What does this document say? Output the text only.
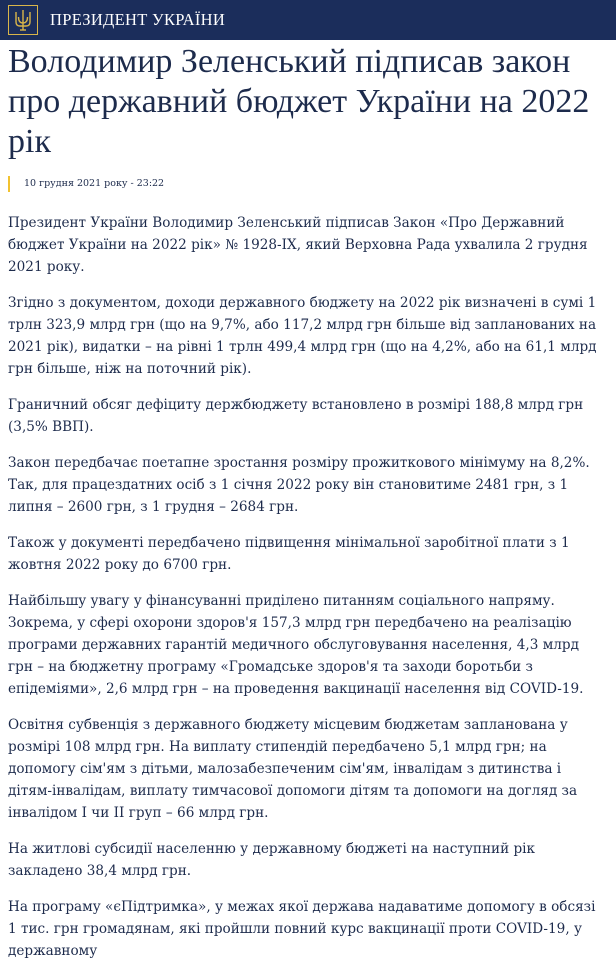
ПРЕЗИДЕНТ УКРАЇНИ
Володимир Зеленський підписав закон про державний бюджет України на 2022 рік
10 грудня 2021 року - 23:22

Президент України Володимир Зеленський підписав Закон «Про Державний бюджет України на 2022 рік» № 1928-IX, який Верховна Рада ухвалила 2 грудня 2021 року.

Згідно з документом, доходи державного бюджету на 2022 рік визначені в сумі 1 трлн 323,9 млрд грн (що на 9,7%, або 117,2 млрд грн більше від запланованих на 2021 рік), видатки – на рівні 1 трлн 499,4 млрд грн (що на 4,2%, або на 61,1 млрд грн більше, ніж на поточний рік).

Граничний обсяг дефіциту держбюджету встановлено в розмірі 188,8 млрд грн (3,5% ВВП).

Закон передбачає поетапне зростання розміру прожиткового мінімуму на 8,2%. Так, для працездатних осіб з 1 січня 2022 року він становитиме 2481 грн, з 1 липня – 2600 грн, з 1 грудня – 2684 грн.

Також у документі передбачено підвищення мінімальної заробітної плати з 1 жовтня 2022 року до 6700 грн.

Найбільшу увагу у фінансуванні приділено питанням соціального напряму. Зокрема, у сфері охорони здоров'я 157,3 млрд грн передбачено на реалізацію програми державних гарантій медичного обслуговування населення, 4,3 млрд грн – на бюджетну програму «Громадське здоров'я та заходи боротьби з епідеміями», 2,6 млрд грн – на проведення вакцинації населення від COVID-19.

Освітня субвенція з державного бюджету місцевим бюджетам запланована у розмірі 108 млрд грн. На виплату стипендій передбачено 5,1 млрд грн; на допомогу сім'ям з дітьми, малозабезпеченим сім'ям, інвалідам з дитинства і дітям-інвалідам, виплату тимчасової допомоги дітям та допомоги на догляд за інвалідом I чи II груп – 66 млрд грн.

На житлові субсидії населенню у державному бюджеті на наступний рік закладено 38,4 млрд грн.

На програму «єПідтримка», у межах якої держава надаватиме допомогу в обсязі 1 тис. грн громадянам, які пройшли повний курс вакцинації проти COVID-19, у державному
